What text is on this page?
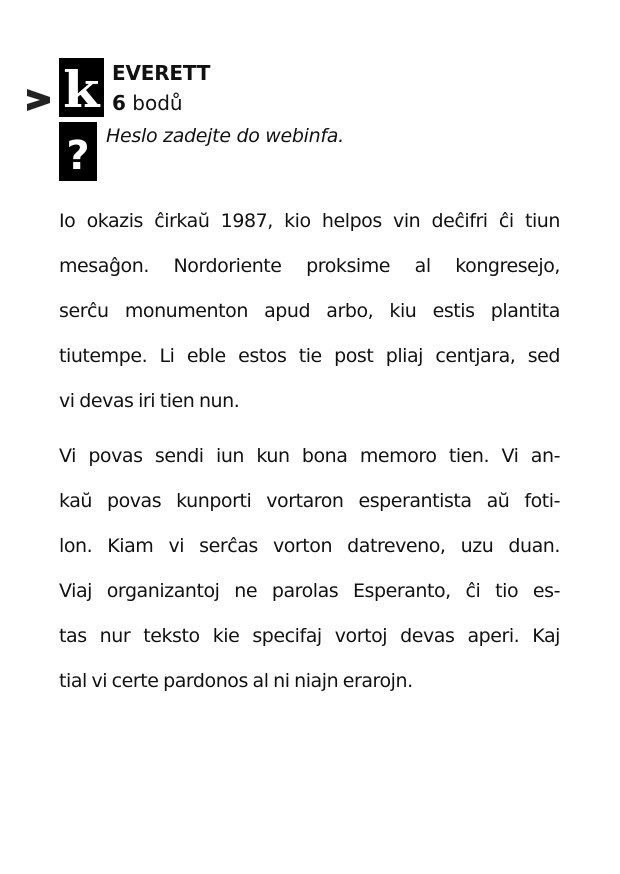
k
?
EVERETT
6 bodů
Heslo zadejte do webinfa.
Io okazis ĉirkaŭ 1987, kio helpos vin deĉifri ĉi tiun
mesaĝon. Nordoriente proksime al kongresejo,
serĉu monumenton apud arbo, kiu estis plantita
tiutempe. Li eble estos tie post pliaj centjara, sed
vi devas iri tien nun.
Vi povas sendi iun kun bona memoro tien. Vi an-
kaŭ povas kunporti vortaron esperantista aŭ foti-
lon. Kiam vi serĉas vorton datreveno, uzu duan.
Viaj organizantoj ne parolas Esperanto, ĉi tio es-
tas nur teksto kie specifaj vortoj devas aperi. Kaj
tial vi certe pardonos al ni niajn erarojn.
